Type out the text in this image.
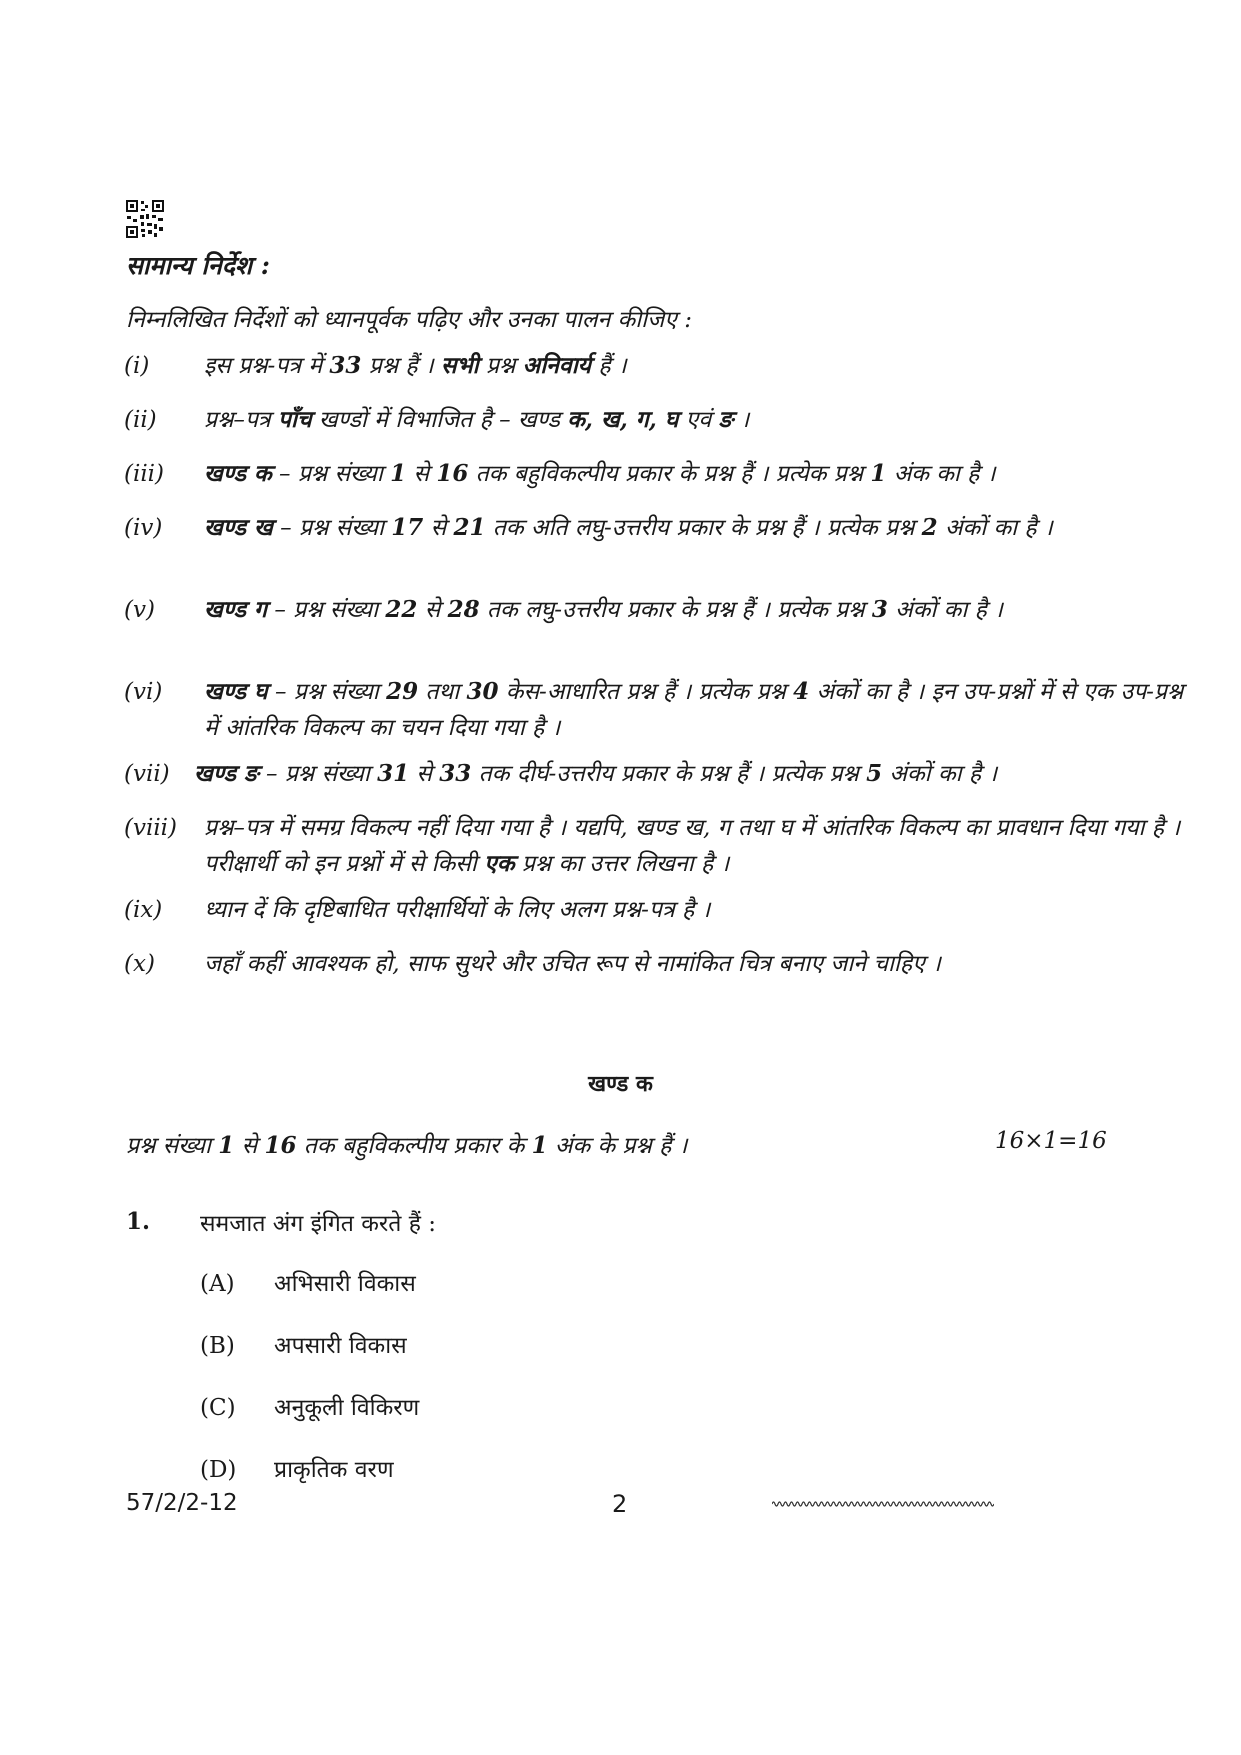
सामान्य निर्देश :
निम्नलिखित निर्देशों को ध्यानपूर्वक पढ़िए और उनका पालन कीजिए :
(i)	इस प्रश्न-पत्र में 33 प्रश्न हैं । सभी प्रश्न अनिवार्य हैं ।
(ii)	प्रश्न–पत्र पाँच खण्डों में विभाजित है – खण्ड क, ख, ग, घ एवं ङ ।
(iii)	खण्ड क – प्रश्न संख्या 1 से 16 तक बहुविकल्पीय प्रकार के प्रश्न हैं । प्रत्येक प्रश्न 1 अंक का है ।
(iv)	खण्ड ख – प्रश्न संख्या 17 से 21 तक अति लघु-उत्तरीय प्रकार के प्रश्न हैं । प्रत्येक प्रश्न 2 अंकों का है ।
(v)	खण्ड ग – प्रश्न संख्या 22 से 28 तक लघु-उत्तरीय प्रकार के प्रश्न हैं । प्रत्येक प्रश्न 3 अंकों का है ।
(vi)	खण्ड घ – प्रश्न संख्या 29 तथा 30 केस-आधारित प्रश्न हैं । प्रत्येक प्रश्न 4 अंकों का है । इन उप-प्रश्नों में से एक उप-प्रश्न में आंतरिक विकल्प का चयन दिया गया है ।
(vii)	खण्ड ङ – प्रश्न संख्या 31 से 33 तक दीर्घ-उत्तरीय प्रकार के प्रश्न हैं । प्रत्येक प्रश्न 5 अंकों का है ।
(viii)	प्रश्न–पत्र में समग्र विकल्प नहीं दिया गया है । यद्यपि, खण्ड ख, ग तथा घ में आंतरिक विकल्प का प्रावधान दिया गया है । परीक्षार्थी को इन प्रश्नों में से किसी एक प्रश्न का उत्तर लिखना है ।
(ix)	ध्यान दें कि दृष्टिबाधित परीक्षार्थियों के लिए अलग प्रश्न-पत्र है ।
(x)	जहाँ कहीं आवश्यक हो, साफ सुथरे और उचित रूप से नामांकित चित्र बनाए जाने चाहिए ।
खण्ड क
प्रश्न संख्या 1 से 16 तक बहुविकल्पीय प्रकार के 1 अंक के प्रश्न हैं ।	16×1=16
1. समजात अंग इंगित करते हैं :
(A) अभिसारी विकास
(B) अपसारी विकास
(C) अनुकूली विकिरण
(D) प्राकृतिक वरण
57/2/2-12	2
